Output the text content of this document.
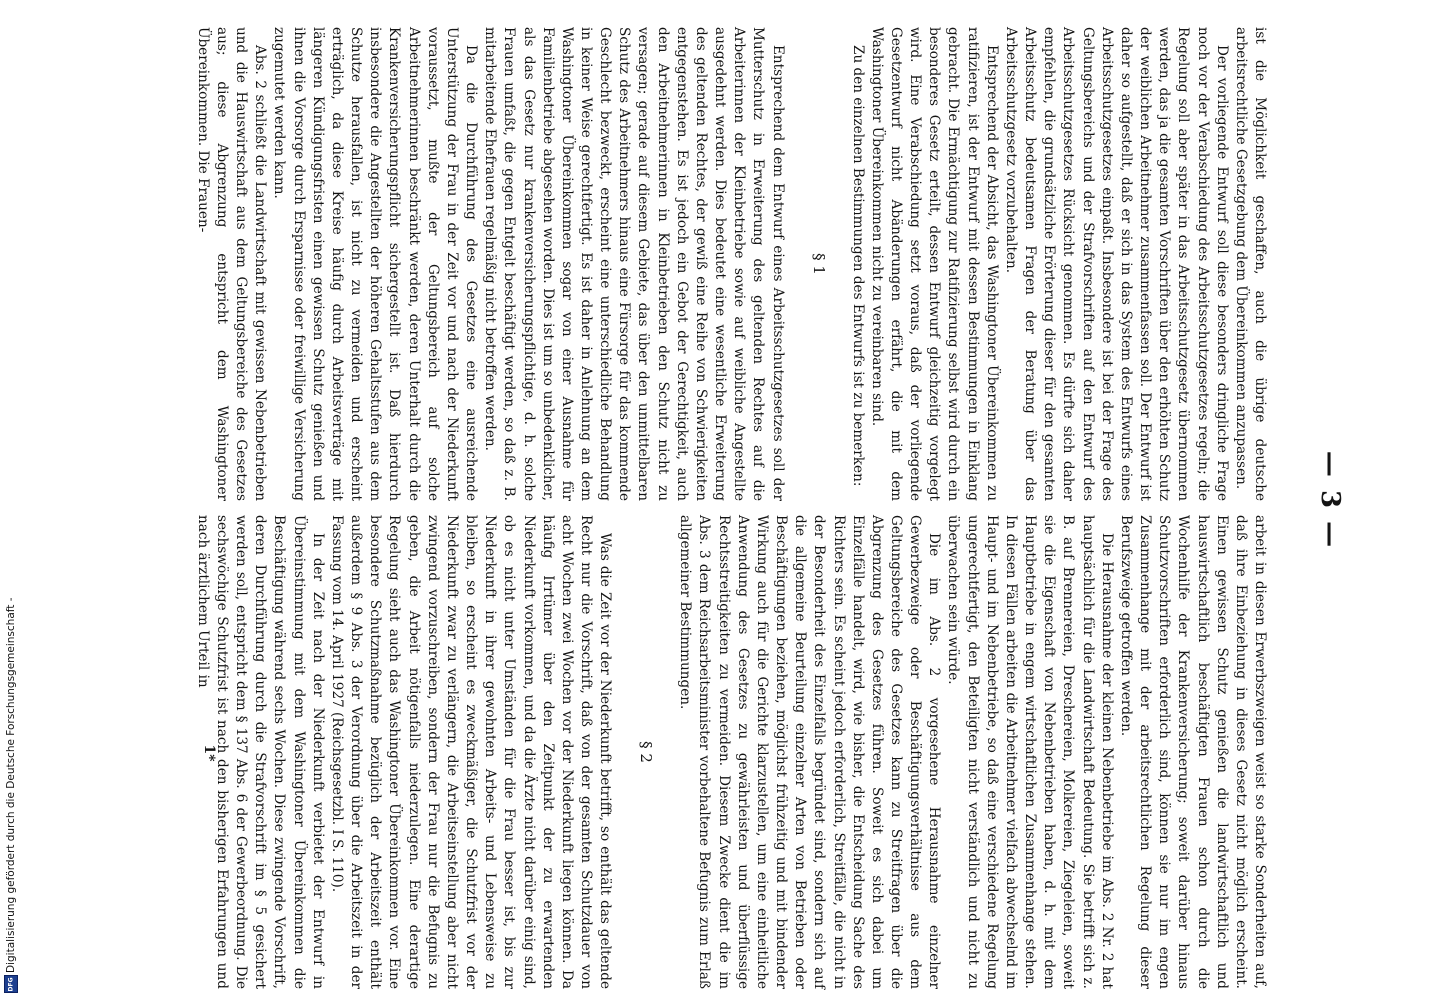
— 3 —

ist die Möglichkeit geschaffen, auch die übrige deutsche arbeitsrechtliche Gesetzgebung dem Übereinkommen anzupassen.

Der vorliegende Entwurf soll diese besonders dringliche Frage noch vor der Verabschiedung des Arbeitsschutzgesetzes regeln; die Regelung soll aber später in das Arbeitsschutzgesetz übernommen werden, das ja die gesamten Vorschriften über den erhöhten Schutz der weiblichen Arbeitnehmer zusammenfassen soll. Der Entwurf ist daher so aufgestellt, daß er sich in das System des Entwurfs eines Arbeitsschutzgesetzes einpaßt. Insbesondere ist bei der Frage des Geltungsbereichs und der Strafvorschriften auf den Entwurf des Arbeitsschutzgesetzes Rücksicht genommen. Es dürfte sich daher empfehlen, die grundsätzliche Erörterung dieser für den gesamten Arbeitsschutz bedeutsamen Fragen der Beratung über das Arbeitsschutzgesetz vorzubehalten.

Entsprechend der Absicht, das Washingtoner Übereinkommen zu ratifizieren, ist der Entwurf mit dessen Bestimmungen in Einklang gebracht. Die Ermächtigung zur Ratifizierung selbst wird durch ein besonderes Gesetz erteilt, dessen Entwurf gleichzeitig vorgelegt wird. Eine Verabschiedung setzt voraus, daß der vorliegende Gesetzentwurf nicht Abänderungen erfährt, die mit dem Washingtoner Übereinkommen nicht zu vereinbaren sind.

Zu den einzelnen Bestimmungen des Entwurfs ist zu bemerken:

§ 1

Entsprechend dem Entwurf eines Arbeitsschutzgesetzes soll der Mutterschutz in Erweiterung des geltenden Rechtes auf die Arbeiterinnen der Kleinbetriebe sowie auf weibliche Angestellte ausgedehnt werden. Dies bedeutet eine wesentliche Erweiterung des geltenden Rechtes, der gewiß eine Reihe von Schwierigkeiten entgegenstehen. Es ist jedoch ein Gebot der Gerechtigkeit, auch den Arbeitnehmerinnen in Kleinbetrieben den Schutz nicht zu versagen; gerade auf diesem Gebiete, das über den unmittelbaren Schutz des Arbeitnehmers hinaus eine Fürsorge für das kommende Geschlecht bezweckt, erscheint eine unterschiedliche Behandlung in keiner Weise gerechtfertigt. Es ist daher in Anlehnung an dem Washingtoner Übereinkommen sogar von einer Ausnahme für Familienbetriebe abgesehen worden. Dies ist um so unbedenklicher, als das Gesetz nur krankenversicherungspflichtige, d. h. solche Frauen umfaßt, die gegen Entgelt beschäftigt werden, so daß z. B. mitarbeitende Ehefrauen regelmäßig nicht betroffen werden.

Da die Durchführung des Gesetzes eine ausreichende Unterstützung der Frau in der Zeit vor und nach der Niederkunft voraussetzt, mußte der Geltungsbereich auf solche Arbeitnehmerinnen beschränkt werden, deren Unterhalt durch die Krankenversicherungspflicht sichergestellt ist. Daß hierdurch insbesondere die Angestellten der höheren Gehaltsstufen aus dem Schutze herausfallen, ist nicht zu vermeiden und erscheint erträglich, da diese Kreise häufig durch Arbeitsverträge mit längeren Kündigungsfristen einen gewissen Schutz genießen und ihnen die Vorsorge durch Ersparnisse oder freiwillige Versicherung zugemutet werden kann.

Abs. 2 schließt die Landwirtschaft mit gewissen Nebenbetrieben und die Hauswirtschaft aus dem Geltungsbereiche des Gesetzes aus; diese Abgrenzung entspricht dem Washingtoner Übereinkommen. Die Frauen-

arbeit in diesen Erwerbszweigen weist so starke Sonderheiten auf, daß ihre Einbeziehung in dieses Gesetz nicht möglich erscheint. Einen gewissen Schutz genießen die landwirtschaftlich und hauswirtschaftlich beschäftigten Frauen schon durch die Wochenhilfe der Krankenversicherung; soweit darüber hinaus Schutzvorschriften erforderlich sind, können sie nur im engen Zusammenhange mit der arbeitsrechtlichen Regelung dieser Berufszweige getroffen werden.

Die Herausnahme der kleinen Nebenbetriebe im Abs. 2 Nr. 2 hat hauptsächlich für die Landwirtschaft Bedeutung. Sie betrifft sich z. B. auf Brennereien, Dreschereien, Molkereien, Ziegeleien, soweit sie die Eigenschaft von Nebenbetrieben haben, d. h. mit dem Hauptbetriebe in engem wirtschaftlichen Zusammenhange stehen. In diesen Fällen arbeiten die Arbeitnehmer vielfach abwechselnd im Haupt- und im Nebenbetriebe, so daß eine verschiedene Regelung ungerechtfertigt, den Beteiligten nicht verständlich und nicht zu überwachen sein würde.

Die im Abs. 2 vorgesehene Herausnahme einzelner Gewerbezweige oder Beschäftigungsverhältnisse aus dem Geltungsbereiche des Gesetzes kann zu Streitfragen über die Abgrenzung des Gesetzes führen. Soweit es sich dabei um Einzelfälle handelt, wird, wie bisher, die Entscheidung Sache des Richters sein. Es scheint jedoch erforderlich, Streitfälle, die nicht in der Besonderheit des Einzelfalls begründet sind, sondern sich auf die allgemeine Beurteilung einzelner Arten von Betrieben oder Beschäftigungen beziehen, möglichst frühzeitig und mit bindender Wirkung auch für die Gerichte klarzustellen, um eine einheitliche Anwendung des Gesetzes zu gewährleisten und überflüssige Rechtsstreitigkeiten zu vermeiden. Diesem Zwecke dient die im Abs. 3 dem Reichsarbeitsminister vorbehaltene Befugnis zum Erlaß allgemeiner Bestimmungen.

§ 2

Was die Zeit vor der Niederkunft betrifft, so enthält das geltende Recht nur die Vorschrift, daß von der gesamten Schutzdauer von acht Wochen zwei Wochen vor der Niederkunft liegen können. Da häufig Irrtümer über den Zeitpunkt der zu erwartenden Niederkunft vorkommen, und da die Ärzte nicht darüber einig sind, ob es nicht unter Umständen für die Frau besser ist, bis zur Niederkunft in ihrer gewohnten Arbeits- und Lebensweise zu bleiben, so erscheint es zweckmäßiger, die Schutzfrist vor der Niederkunft zwar zu verlängern, die Arbeitseinstellung aber nicht zwingend vorzuschreiben, sondern der Frau nur die Befugnis zu geben, die Arbeit nötigenfalls niederzulegen. Eine derartige Regelung sieht auch das Washingtoner Übereinkommen vor. Eine besondere Schutzmaßnahme bezüglich der Arbeitszeit enthält außerdem § 9 Abs. 3 der Verordnung über die Arbeitszeit in der Fassung vom 14. April 1927 (Reichsgesetzbl. I S. 110).

In der Zeit nach der Niederkunft verbietet der Entwurf in Übereinstimmung mit dem Washingtoner Übereinkommen die Beschäftigung während sechs Wochen. Diese zwingende Vorschrift, deren Durchführung durch die Strafvorschrift im § 5 gesichert werden soll, entspricht dem § 137 Abs. 6 der Gewerbeordnung. Die sechswöchige Schutzfrist ist nach den bisherigen Erfahrungen und nach ärztlichem Urteil in

1*
Digitalisierung gefördert durch die Deutsche Forschungsgemeinschaft -
DFG
